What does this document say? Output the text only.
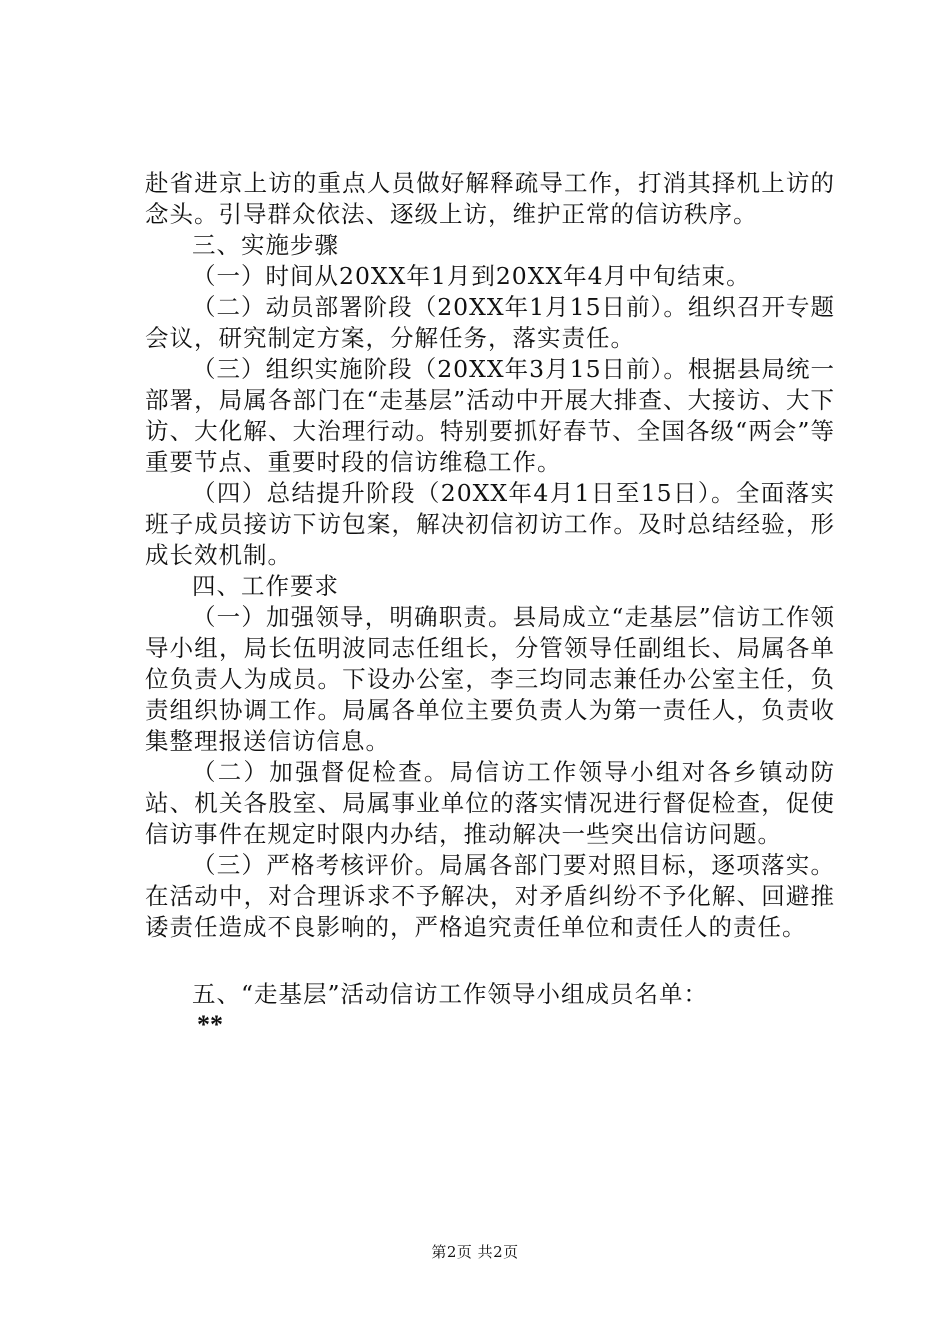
赴省进京上访的重点人员做好解释疏导工作，打消其择机上访的念头。引导群众依法、逐级上访，维护正常的信访秩序。

三、实施步骤

（一）时间从20XX年1月到20XX年4月中旬结束。

（二）动员部署阶段（20XX年1月15日前）。组织召开专题会议，研究制定方案，分解任务，落实责任。

（三）组织实施阶段（20XX年3月15日前）。根据县局统一部署，局属各部门在“走基层”活动中开展大排查、大接访、大下访、大化解、大治理行动。特别要抓好春节、全国各级“两会”等重要节点、重要时段的信访维稳工作。

（四）总结提升阶段（20XX年4月1日至15日）。全面落实班子成员接访下访包案，解决初信初访工作。及时总结经验，形成长效机制。

四、工作要求

（一）加强领导，明确职责。县局成立“走基层”信访工作领导小组，局长伍明波同志任组长，分管领导任副组长、局属各单位负责人为成员。下设办公室，李三均同志兼任办公室主任，负责组织协调工作。局属各单位主要负责人为第一责任人，负责收集整理报送信访信息。

（二）加强督促检查。局信访工作领导小组对各乡镇动防站、机关各股室、局属事业单位的落实情况进行督促检查，促使信访事件在规定时限内办结，推动解决一些突出信访问题。

（三）严格考核评价。局属各部门要对照目标，逐项落实。在活动中，对合理诉求不予解决，对矛盾纠纷不予化解、回避推诿责任造成不良影响的，严格追究责任单位和责任人的责任。

五、“走基层”活动信访工作领导小组成员名单：

**

第2页 共2页
